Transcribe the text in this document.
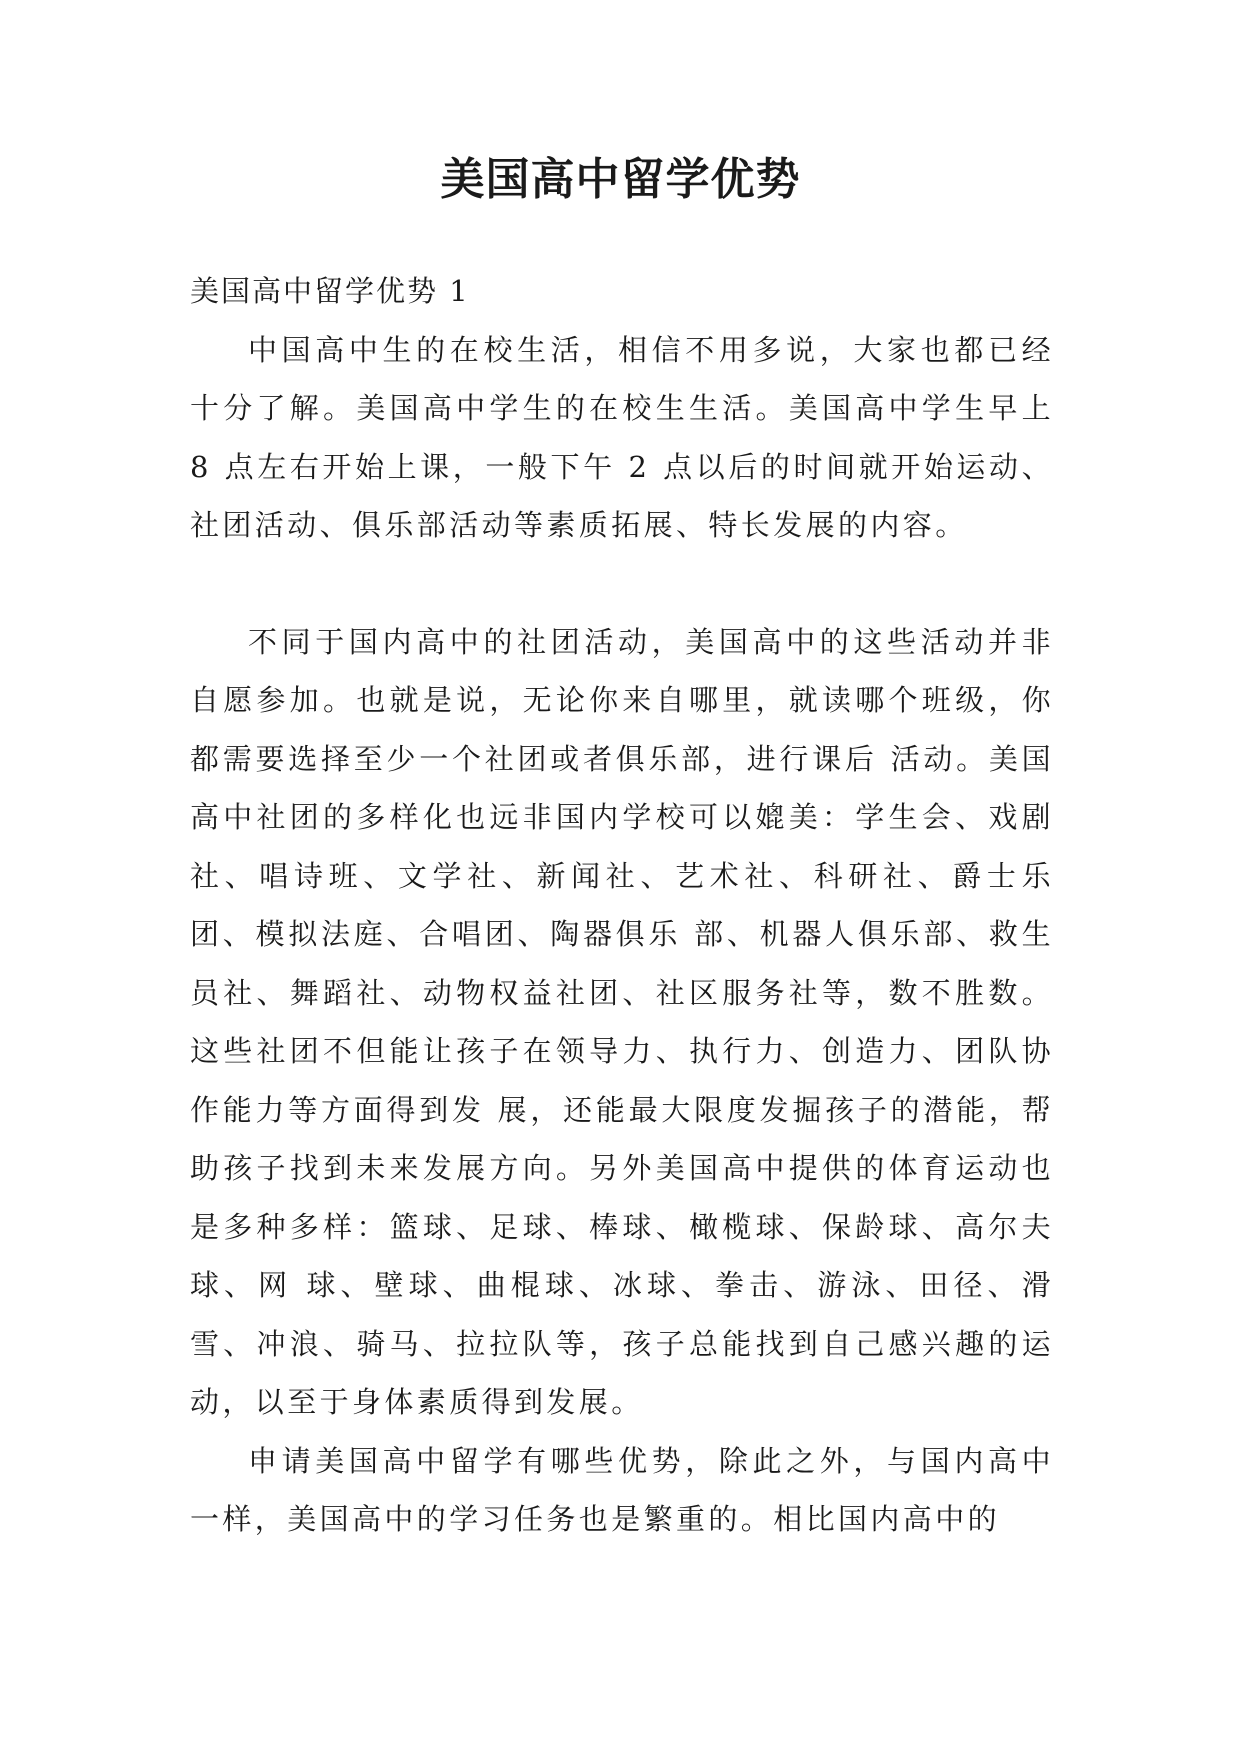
美国高中留学优势

美国高中留学优势 1

中国高中生的在校生活，相信不用多说，大家也都已经十分了解。美国高中学生的在校生生活。美国高中学生早上 8 点左右开始上课，一般下午 2 点以后的时间就开始运动、社团活动、俱乐部活动等素质拓展、特长发展的内容。

不同于国内高中的社团活动，美国高中的这些活动并非自愿参加。也就是说，无论你来自哪里，就读哪个班级，你都需要选择至少一个社团或者俱乐部，进行课后 活动。美国高中社团的多样化也远非国内学校可以媲美：学生会、戏剧社、唱诗班、文学社、新闻社、艺术社、科研社、爵士乐团、模拟法庭、合唱团、陶器俱乐 部、机器人俱乐部、救生员社、舞蹈社、动物权益社团、社区服务社等，数不胜数。这些社团不但能让孩子在领导力、执行力、创造力、团队协作能力等方面得到发 展，还能最大限度发掘孩子的潜能，帮助孩子找到未来发展方向。另外美国高中提供的体育运动也是多种多样：篮球、足球、棒球、橄榄球、保龄球、高尔夫球、网 球、壁球、曲棍球、冰球、拳击、游泳、田径、滑雪、冲浪、骑马、拉拉队等，孩子总能找到自己感兴趣的运动，以至于身体素质得到发展。

申请美国高中留学有哪些优势，除此之外，与国内高中一样，美国高中的学习任务也是繁重的。相比国内高中的
